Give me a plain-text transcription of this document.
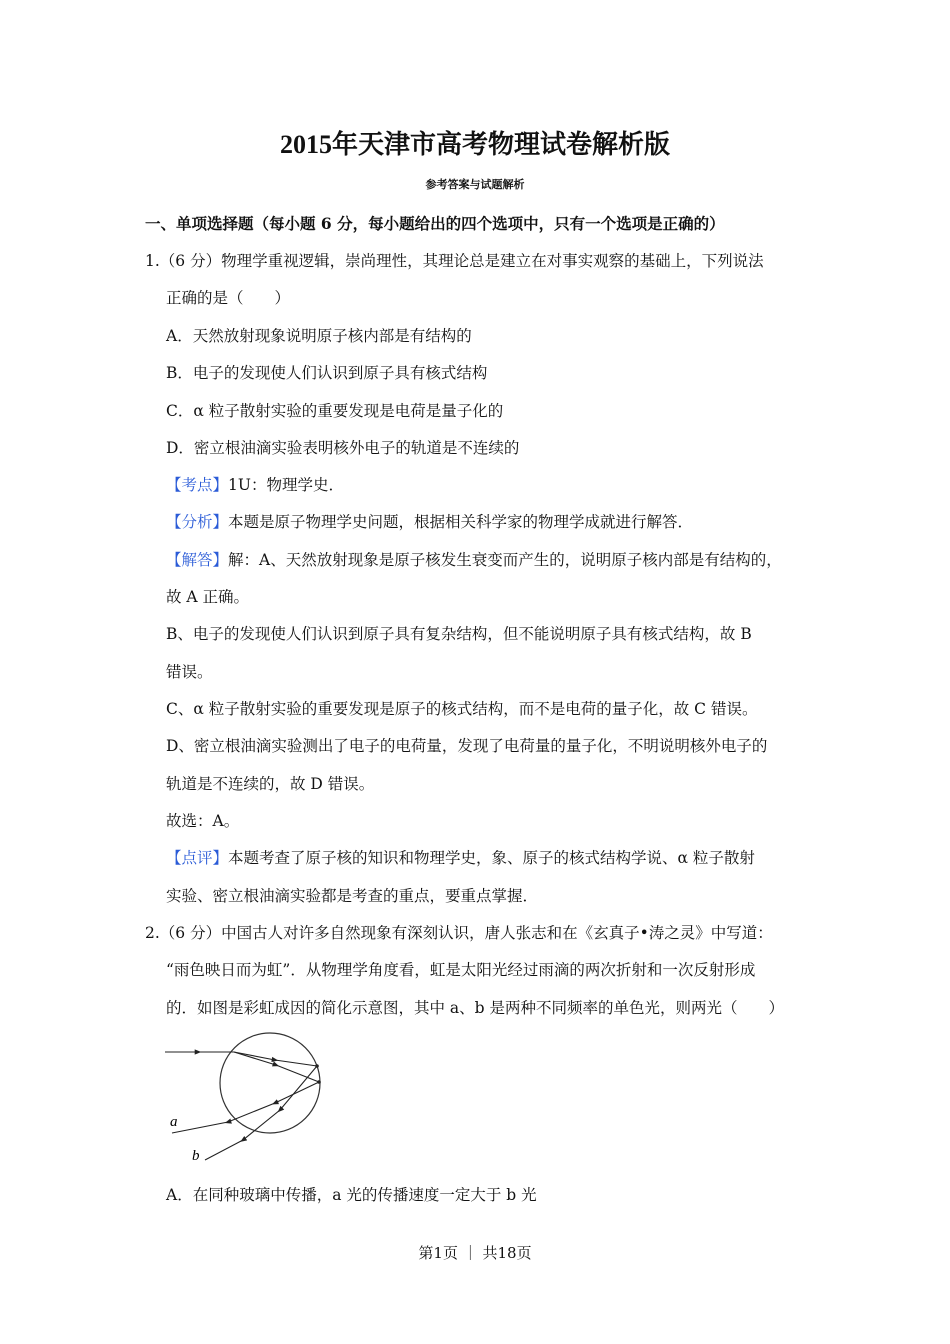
2015年天津市高考物理试卷解析版
参考答案与试题解析
一、单项选择题（每小题 6 分，每小题给出的四个选项中，只有一个选项是正确的）
1.（6 分）物理学重视逻辑，崇尚理性，其理论总是建立在对事实观察的基础上，下列说法
正确的是（　　）
A．天然放射现象说明原子核内部是有结构的
B．电子的发现使人们认识到原子具有核式结构
C．α 粒子散射实验的重要发现是电荷是量子化的
D．密立根油滴实验表明核外电子的轨道是不连续的
【考点】1U：物理学史．
【分析】本题是原子物理学史问题，根据相关科学家的物理学成就进行解答．
【解答】解：A、天然放射现象是原子核发生衰变而产生的，说明原子核内部是有结构的，
故 A 正确。
B、电子的发现使人们认识到原子具有复杂结构，但不能说明原子具有核式结构，故 B
错误。
C、α 粒子散射实验的重要发现是原子的核式结构，而不是电荷的量子化，故 C 错误。
D、密立根油滴实验测出了电子的电荷量，发现了电荷量的量子化，不明说明核外电子的
轨道是不连续的，故 D 错误。
故选：A。
【点评】本题考查了原子核的知识和物理学史，象、原子的核式结构学说、α 粒子散射
实验、密立根油滴实验都是考查的重点，要重点掌握．
2.（6 分）中国古人对许多自然现象有深刻认识，唐人张志和在《玄真子•涛之灵》中写道：
“雨色映日而为虹”．从物理学角度看，虹是太阳光经过雨滴的两次折射和一次反射形成
的．如图是彩虹成因的简化示意图，其中 a、b 是两种不同频率的单色光，则两光（　　）
a
b
A．在同种玻璃中传播，a 光的传播速度一定大于 b 光
第1页 ｜ 共18页
